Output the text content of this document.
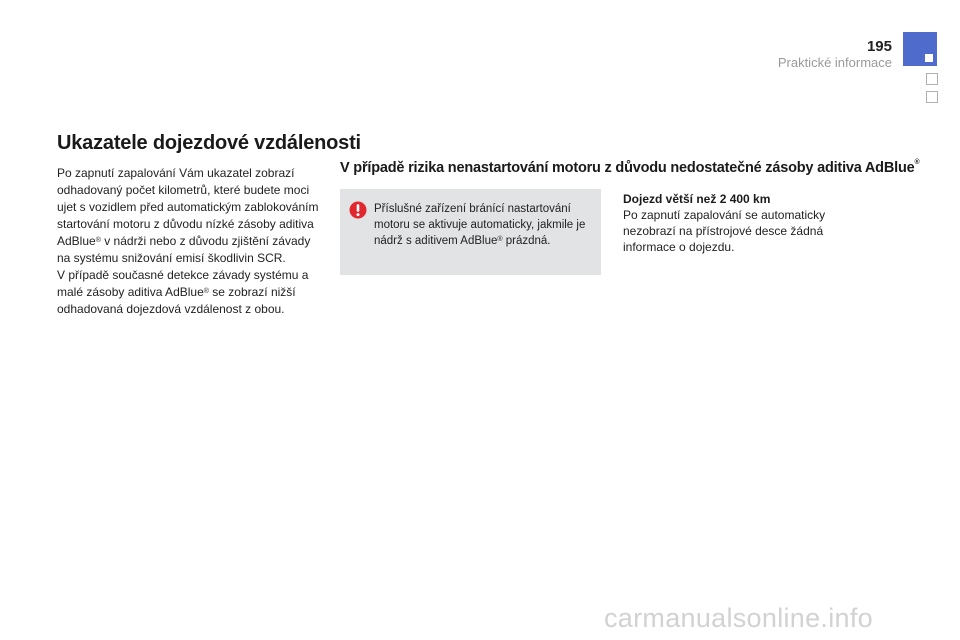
195
Praktické informace
Ukazatele dojezdové vzdálenosti

Po zapnutí zapalování Vám ukazatel zobrazí odhadovaný počet kilometrů, které budete moci ujet s vozidlem před automatickým zablokováním startování motoru z důvodu nízké zásoby aditiva AdBlue® v nádrži nebo z důvodu zjištění závady na systému snižování emisí škodlivin SCR.
V případě současné detekce závady systému a malé zásoby aditiva AdBlue® se zobrazí nižší odhadovaná dojezdová vzdálenost z obou.

V případě rizika nenastartování motoru z důvodu nedostatečné zásoby aditiva AdBlue®

Příslušné zařízení bránící nastartování motoru se aktivuje automaticky, jakmile je nádrž s aditivem AdBlue® prázdná.

Dojezd větší než 2 400 km

Po zapnutí zapalování se automaticky nezobrazí na přístrojové desce žádná informace o dojezdu.

carmanualsonline.info
